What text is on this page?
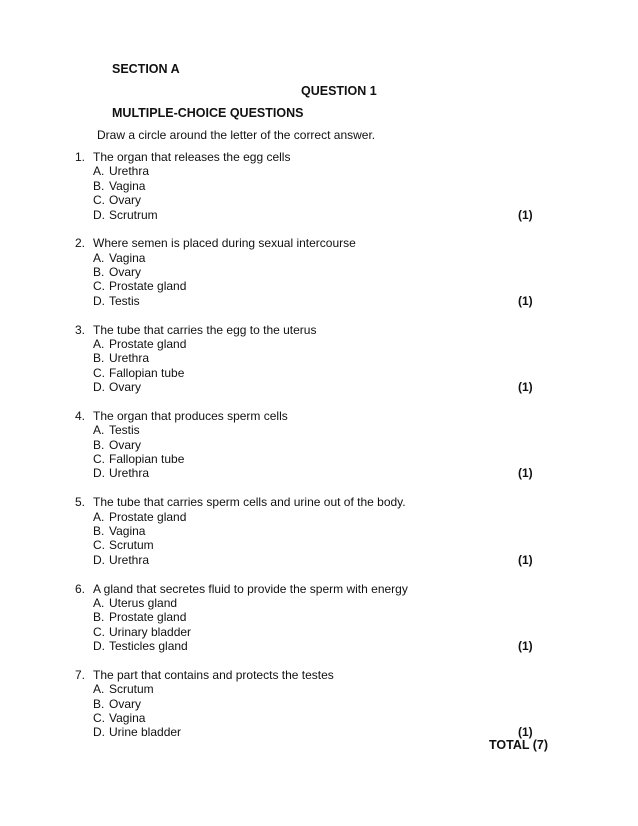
SECTION A
QUESTION 1
MULTIPLE-CHOICE QUESTIONS
Draw a circle around the letter of the correct answer.
1. The organ that releases the egg cells
A. Urethra
B. Vagina
C. Ovary
D. Scrutrum	(1)
2. Where semen is placed during sexual intercourse
A. Vagina
B. Ovary
C. Prostate gland
D. Testis	(1)
3. The tube that carries the egg to the uterus
A. Prostate gland
B. Urethra
C. Fallopian tube
D. Ovary	(1)
4. The organ that produces sperm cells
A. Testis
B. Ovary
C. Fallopian tube
D. Urethra	(1)
5. The tube that carries sperm cells and urine out of the body.
A. Prostate gland
B. Vagina
C. Scrutum
D. Urethra	(1)
6. A gland that secretes fluid to provide the sperm with energy
A. Uterus gland
B. Prostate gland
C. Urinary bladder
D. Testicles gland	(1)
7. The part that contains and protects the testes
A. Scrutum
B. Ovary
C. Vagina
D. Urine bladder	(1)
TOTAL (7)
